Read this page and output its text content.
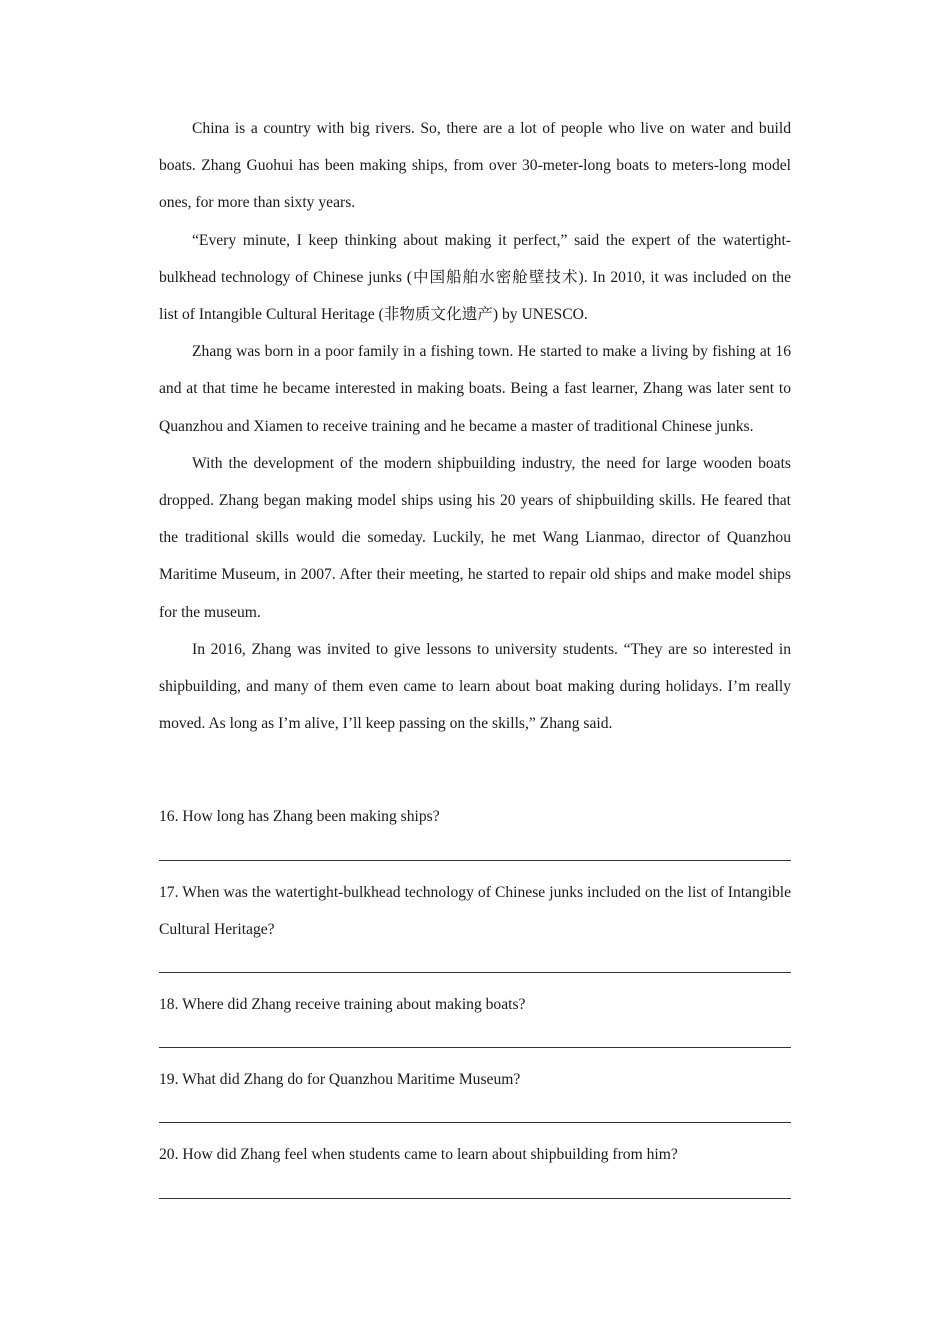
China is a country with big rivers. So, there are a lot of people who live on water and build boats. Zhang Guohui has been making ships, from over 30-meter-long boats to meters-long model ones, for more than sixty years.

“Every minute, I keep thinking about making it perfect,” said the expert of the watertight-bulkhead technology of Chinese junks (中国船舶水密舱壁技术). In 2010, it was included on the list of Intangible Cultural Heritage (非物质文化遗产) by UNESCO.

Zhang was born in a poor family in a fishing town. He started to make a living by fishing at 16 and at that time he became interested in making boats. Being a fast learner, Zhang was later sent to Quanzhou and Xiamen to receive training and he became a master of traditional Chinese junks.

With the development of the modern shipbuilding industry, the need for large wooden boats dropped. Zhang began making model ships using his 20 years of shipbuilding skills. He feared that the traditional skills would die someday. Luckily, he met Wang Lianmao, director of Quanzhou Maritime Museum, in 2007. After their meeting, he started to repair old ships and make model ships for the museum.

In 2016, Zhang was invited to give lessons to university students. “They are so interested in shipbuilding, and many of them even came to learn about boat making during holidays. I’m really moved. As long as I’m alive, I’ll keep passing on the skills,” Zhang said.

16. How long has Zhang been making ships?

17. When was the watertight-bulkhead technology of Chinese junks included on the list of Intangible Cultural Heritage?

18. Where did Zhang receive training about making boats?

19. What did Zhang do for Quanzhou Maritime Museum?

20. How did Zhang feel when students came to learn about shipbuilding from him?
